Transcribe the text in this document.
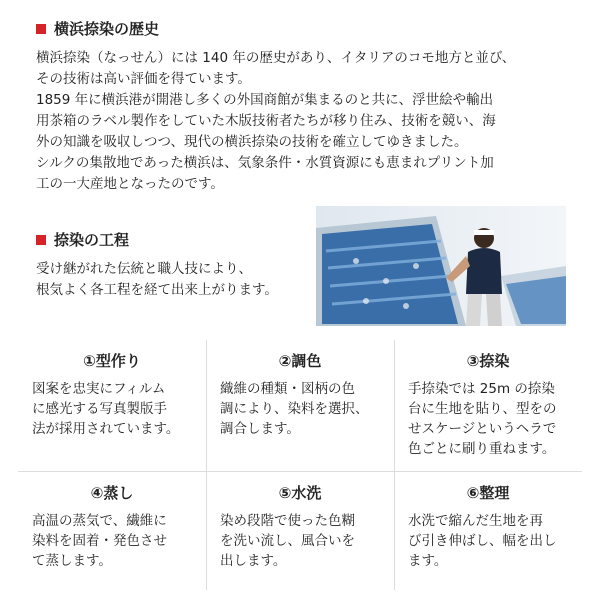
横浜捺染の歴史

横浜捺染（なっせん）には 140 年の歴史があり、イタリアのコモ地方と並び、

その技術は高い評価を得ています。

1859 年に横浜港が開港し多くの外国商館が集まるのと共に、浮世絵や輸出

用茶箱のラベル製作をしていた木版技術者たちが移り住み、技術を競い、海

外の知識を吸収しつつ、現代の横浜捺染の技術を確立してゆきました。

シルクの集散地であった横浜は、気象条件・水質資源にも恵まれプリント加

工の一大産地となったのです。

捺染の工程

受け継がれた伝統と職人技により、

根気よく各工程を経て出来上がります。

①型作り
図案を忠実にフィルム
に感光する写真製版手
法が採用されています。
②調色
織維の種類・図柄の色
調により、染料を選択、
調合します。
③捺染
手捺染では 25m の捺染
台に生地を貼り、型をの
せスケージというヘラで
色ごとに刷り重ねます。
④蒸し
高温の蒸気で、繊維に
染料を固着・発色させ
て蒸します。
⑤水洗
染め段階で使った色糊
を洗い流し、風合いを
出します。
⑥整理
水洗で縮んだ生地を再
び引き伸ばし、幅を出し
ます。
